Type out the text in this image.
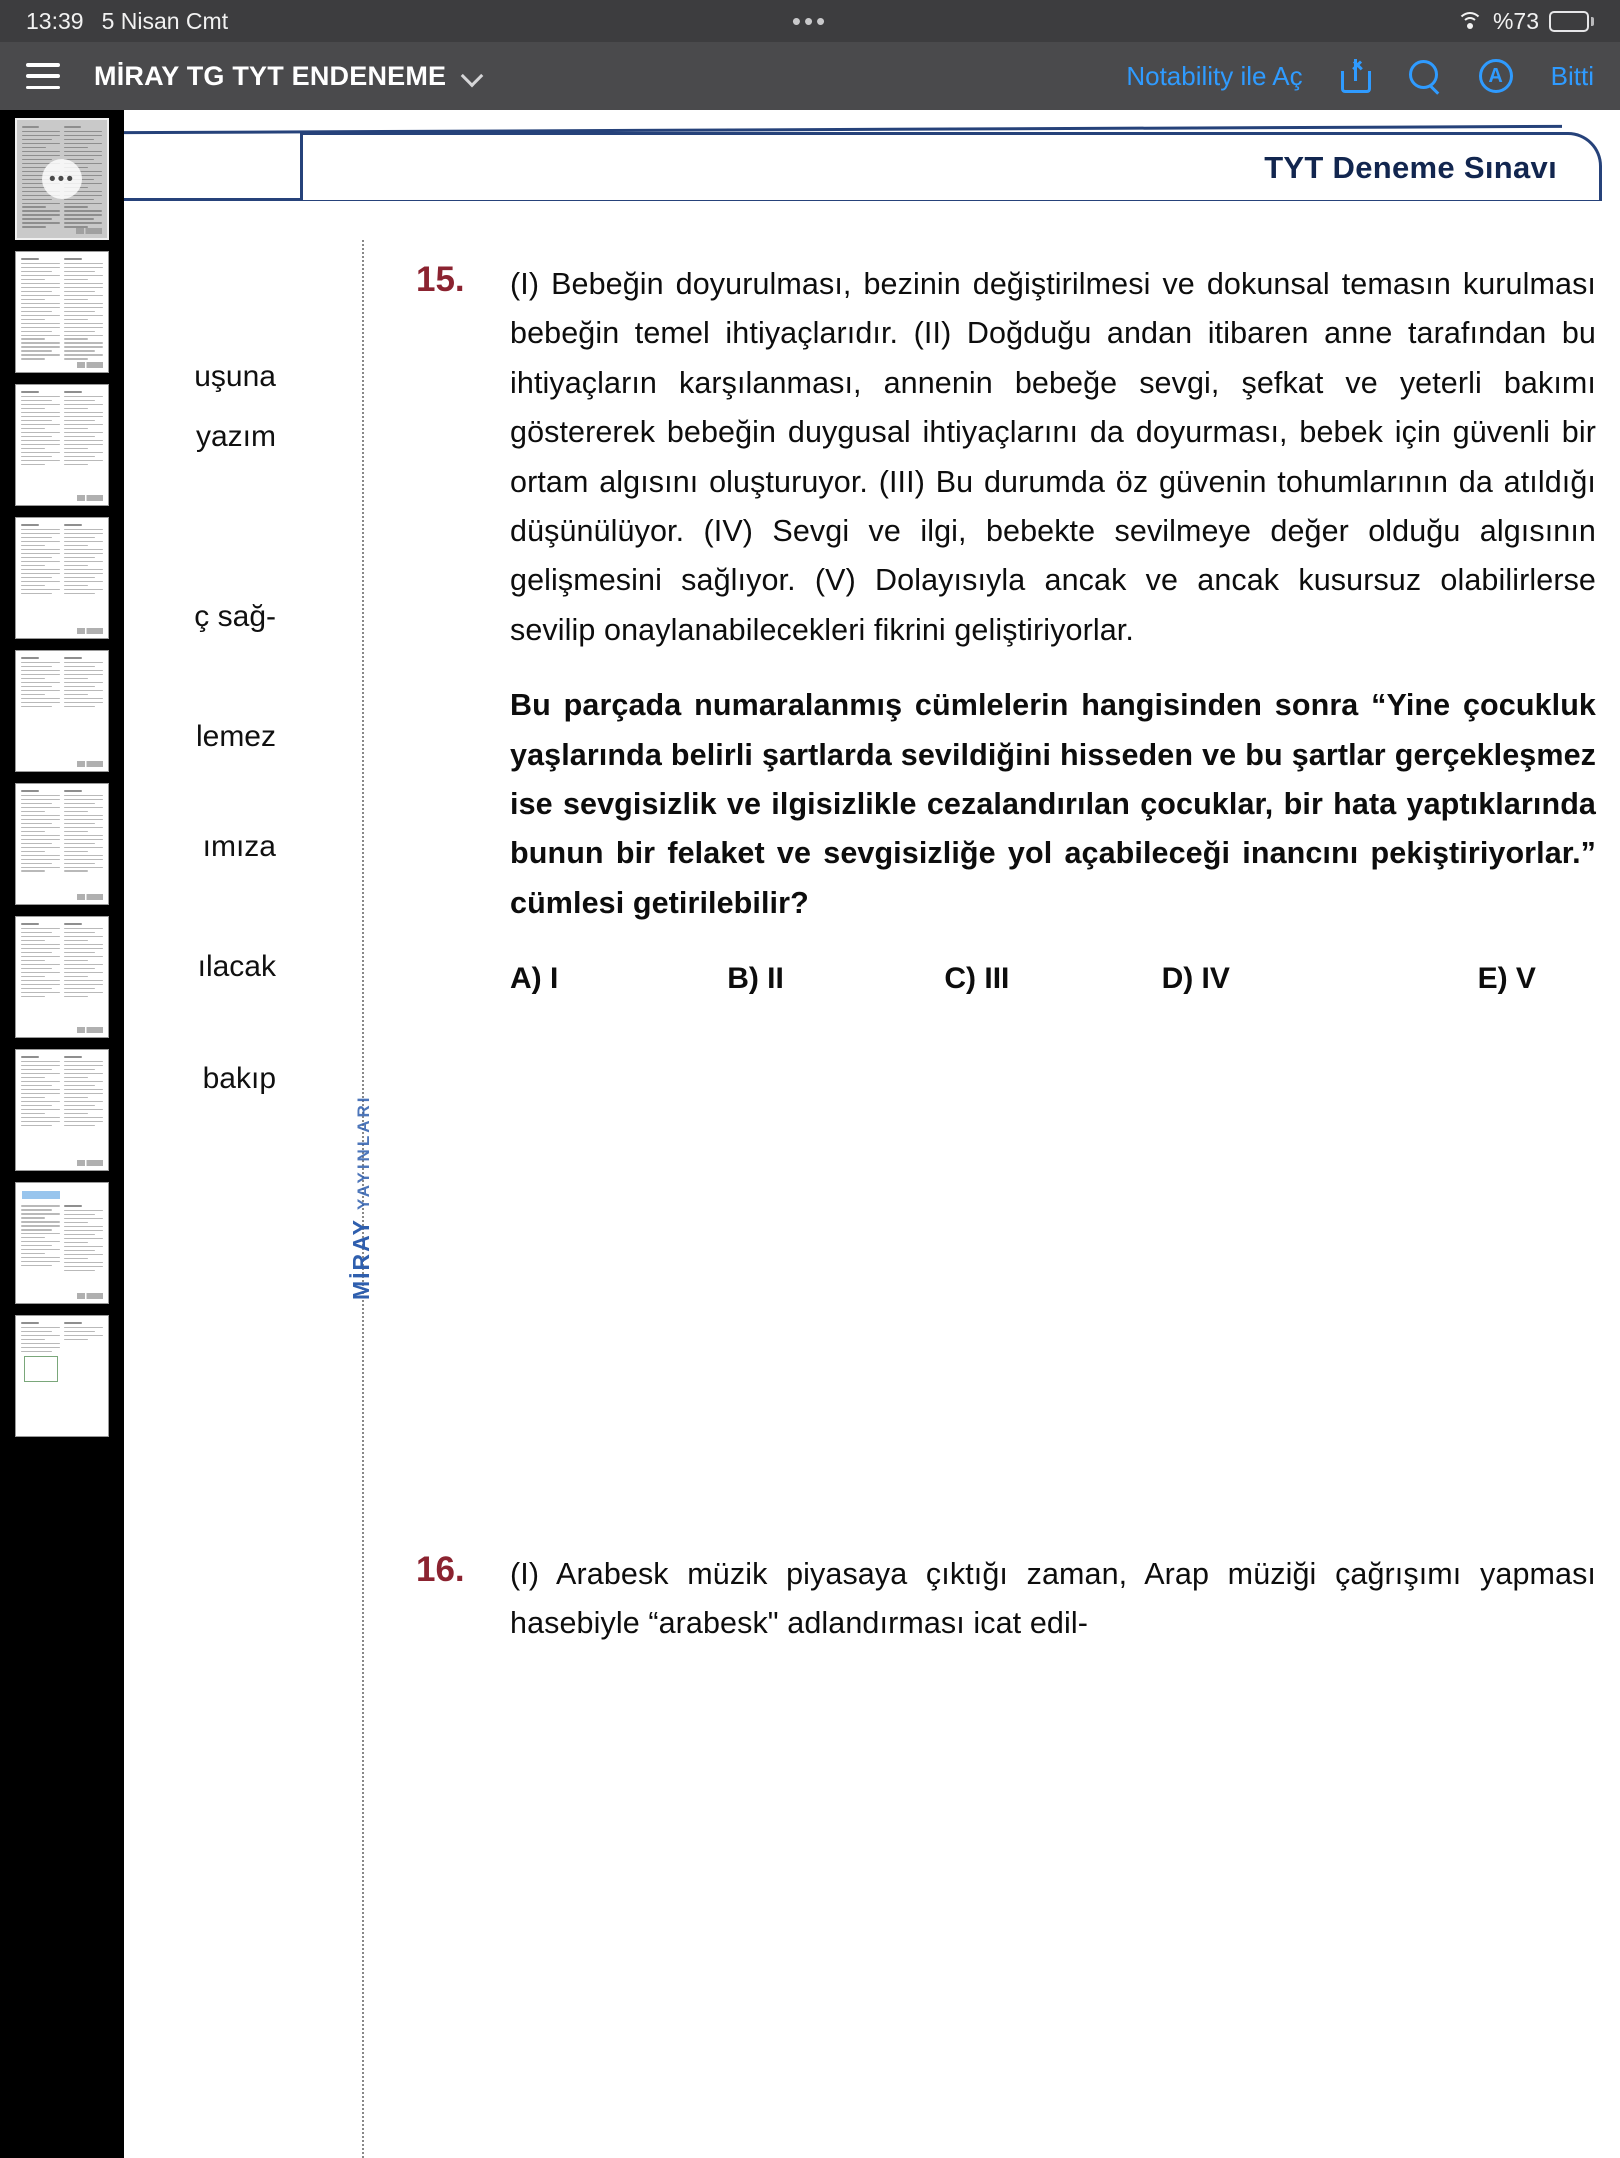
13:39 5 Nisan Cmt	•••	%73
MİRAY TG TYT ENDENEME	Notability ile Aç	A	Bitti
•••	TYT Deneme Sınavı
uşuna
yazım
ç sağ-
lemez
ımıza
ılacak
bakıp
MİRAY YAYINLARI
15. (I) Bebeğin doyurulması, bezinin değiştirilmesi ve dokunsal temasın kurulması bebeğin temel ihtiyaçlarıdır. (II) Doğduğu andan itibaren anne tarafından bu ihtiyaçların karşılanması, annenin bebeğe sevgi, şefkat ve yeterli bakımı göstererek bebeğin duygusal ihtiyaçlarını da doyurması, bebek için güvenli bir ortam algısını oluşturuyor. (III) Bu durumda öz güvenin tohumlarının da atıldığı düşünülüyor. (IV) Sevgi ve ilgi, bebekte sevilmeye değer olduğu algısının gelişmesini sağlıyor. (V) Dolayısıyla ancak ve ancak kusursuz olabilirlerse sevilip onaylanabilecekleri fikrini geliştiriyorlar.
Bu parçada numaralanmış cümlelerin hangisinden sonra “Yine çocukluk yaşlarında belirli şartlarda sevildiğini hisseden ve bu şartlar gerçekleşmez ise sevgisizlik ve ilgisizlikle cezalandırılan çocuklar, bir hata yaptıklarında bunun bir felaket ve sevgisizliğe yol açabileceği inancını pekiştiriyorlar.” cümlesi getirilebilir?
A) I	B) II	C) III	D) IV	E) V
16. (I) Arabesk müzik piyasaya çıktığı zaman, Arap müziği çağrışımı yapması hasebiyle “arabesk" adlandırması icat edil-
